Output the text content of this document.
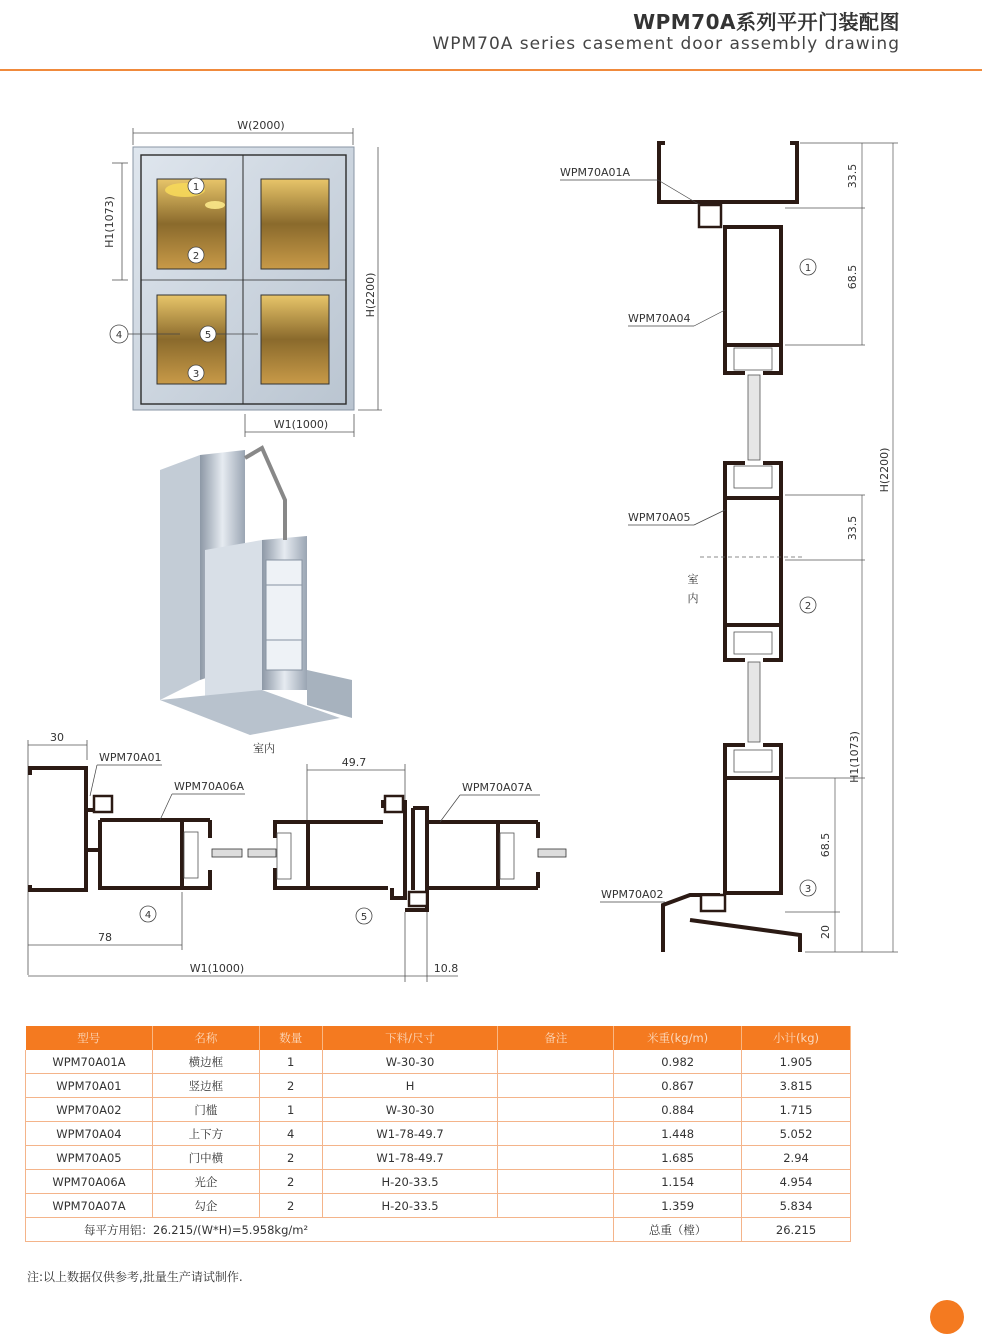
WPM70A系列平开门装配图
WPM70A series casement door assembly drawing
W(2000)
H1(1073)
H(2200)
W1(1000)
1
2
3
4	5
室内
30
49.7
78
W1(1000)	10.8
WPM70A01
WPM70A06A	WPM70A07A
4	5
33.5
68.5
33.5
68.5
20
H(2200)
H1(1073)
WPM70A01A
WPM70A04
WPM70A05
WPM70A02
室
内
1
2
3
型号	名称	数量	下料/尺寸	备注	米重(kg/m)	小计(kg)
WPM70A01A	横边框	1	W-30-30		0.982	1.905
WPM70A01	竖边框	2	H		0.867	3.815
WPM70A02	门槛	1	W-30-30		0.884	1.715
WPM70A04	上下方	4	W1-78-49.7		1.448	5.052
WPM70A05	门中横	2	W1-78-49.7		1.685	2.94
WPM70A06A	光企	2	H-20-33.5		1.154	4.954
WPM70A07A	勾企	2	H-20-33.5		1.359	5.834
每平方用铝：26.215/(W*H)=5.958kg/m²					总重（樘）	26.215
注:以上数据仅供参考,批量生产请试制作.
